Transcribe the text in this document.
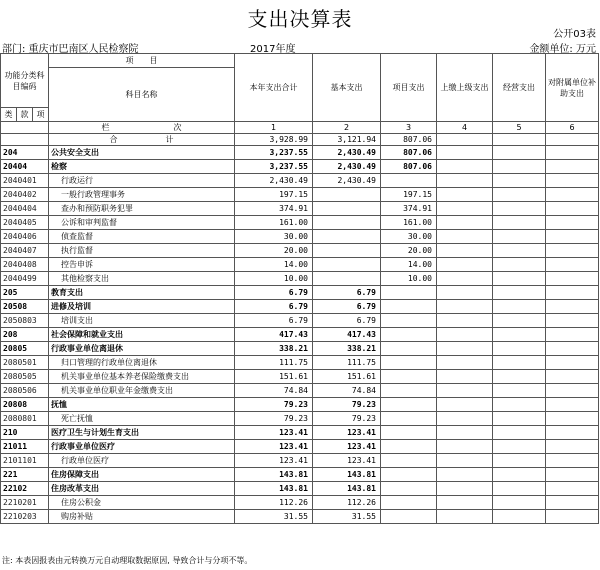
支出决算表
公开03表
部门: 重庆市巴南区人民检察院	2017年度	金额单位: 万元
功能分类科目编码			项　　目	本年支出合计	基本支出	项目支出	上缴上级支出	经营支出	对附属单位补助支出
			科目名称						

类	款	项							
			栏　　　　　　　　次	1	2	3	4	5	6
			合　　　　　　计	3,928.99	3,121.94	807.06			
204			公共安全支出	3,237.55	2,430.49	807.06			
20404			检察	3,237.55	2,430.49	807.06			
2040401			行政运行	2,430.49	2,430.49				
2040402			一般行政管理事务	197.15		197.15			
2040404			查办和预防职务犯罪	374.91		374.91			
2040405			公诉和审判监督	161.00		161.00			
2040406			侦查监督	30.00		30.00			
2040407			执行监督	20.00		20.00			
2040408			控告申诉	14.00		14.00			
2040499			其他检察支出	10.00		10.00			
205			教育支出	6.79	6.79				
20508			进修及培训	6.79	6.79				
2050803			培训支出	6.79	6.79				
208			社会保障和就业支出	417.43	417.43				
20805			行政事业单位离退休	338.21	338.21				
2080501			归口管理的行政单位离退休	111.75	111.75				
2080505			机关事业单位基本养老保险缴费支出	151.61	151.61				
2080506			机关事业单位职业年金缴费支出	74.84	74.84				
20808			抚恤	79.23	79.23				
2080801			死亡抚恤	79.23	79.23				
210			医疗卫生与计划生育支出	123.41	123.41				
21011			行政事业单位医疗	123.41	123.41				
2101101			行政单位医疗	123.41	123.41				
221			住房保障支出	143.81	143.81				
22102			住房改革支出	143.81	143.81				
2210201			住房公积金	112.26	112.26				
2210203			购房补贴	31.55	31.55				
注: 本表因报表由元转换万元自动理取数据原因, 导致合计与分项不等。
